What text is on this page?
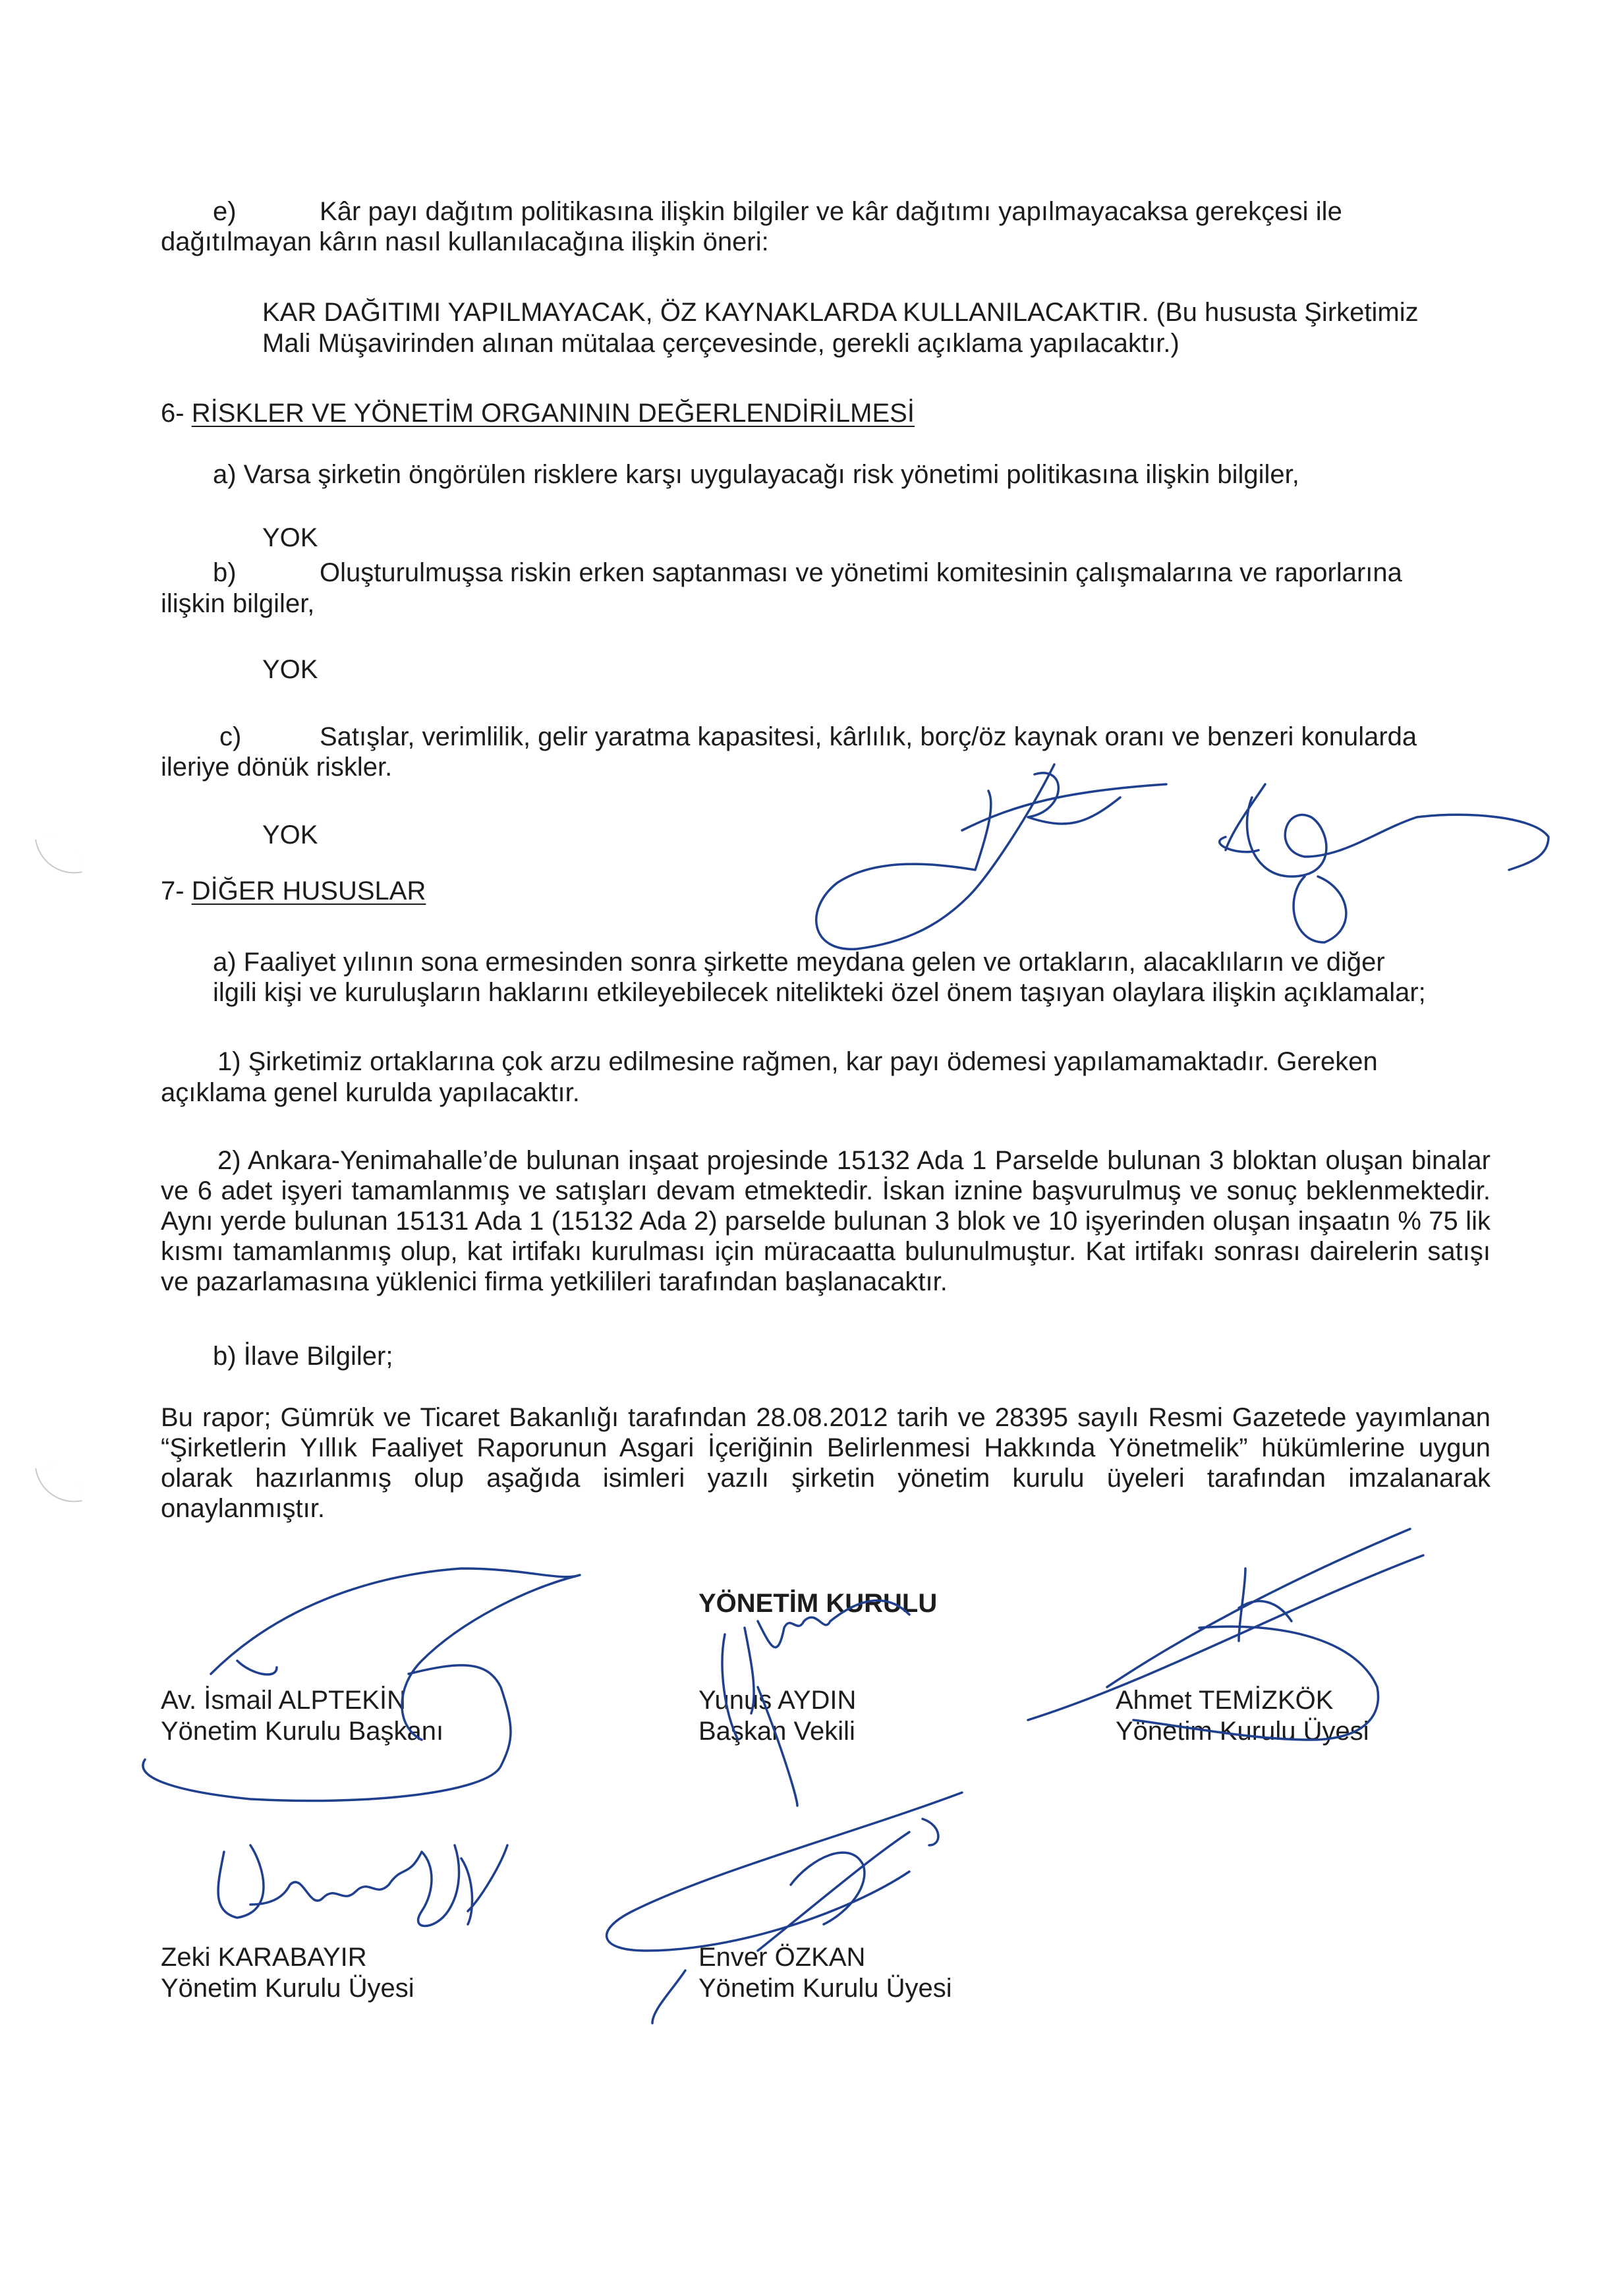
e)	Kâr payı dağıtım politikasına ilişkin bilgiler ve kâr dağıtımı yapılmayacaksa gerekçesi ile

dağıtılmayan kârın nasıl kullanılacağına ilişkin öneri:

KAR DAĞITIMI YAPILMAYACAK, ÖZ KAYNAKLARDA KULLANILACAKTIR. (Bu hususta Şirketimiz

Mali Müşavirinden alınan mütalaa çerçevesinde, gerekli açıklama yapılacaktır.)

6- RİSKLER VE YÖNETİM ORGANININ DEĞERLENDİRİLMESİ

a) Varsa şirketin öngörülen risklere karşı uygulayacağı risk yönetimi politikasına ilişkin bilgiler,

YOK

b)	Oluşturulmuşsa riskin erken saptanması ve yönetimi komitesinin çalışmalarına ve raporlarına

ilişkin bilgiler,

YOK

c)	Satışlar, verimlilik, gelir yaratma kapasitesi, kârlılık, borç/öz kaynak oranı ve benzeri konularda

ileriye dönük riskler.

YOK

7- DİĞER HUSUSLAR

a) Faaliyet yılının sona ermesinden sonra şirkette meydana gelen ve ortakların, alacaklıların ve diğer

ilgili kişi ve kuruluşların haklarını etkileyebilecek nitelikteki özel önem taşıyan olaylara ilişkin açıklamalar;

1) Şirketimiz ortaklarına çok arzu edilmesine rağmen, kar payı ödemesi yapılamamaktadır. Gereken

açıklama genel kurulda yapılacaktır.

2) Ankara-Yenimahalle’de bulunan inşaat projesinde 15132 Ada 1 Parselde bulunan 3 bloktan oluşan binalar ve 6 adet işyeri tamamlanmış ve satışları devam etmektedir. İskan iznine başvurulmuş ve sonuç beklenmektedir. Aynı yerde bulunan 15131 Ada 1 (15132 Ada 2) parselde bulunan 3 blok ve 10 işyerinden oluşan inşaatın % 75 lik kısmı tamamlanmış olup, kat irtifakı kurulması için müracaatta bulunulmuştur. Kat irtifakı sonrası dairelerin satışı ve pazarlamasına yüklenici firma yetkilileri tarafından başlanacaktır.

b) İlave Bilgiler;

Bu rapor; Gümrük ve Ticaret Bakanlığı tarafından 28.08.2012 tarih ve 28395 sayılı Resmi Gazetede yayımlanan “Şirketlerin Yıllık Faaliyet Raporunun Asgari İçeriğinin Belirlenmesi Hakkında Yönetmelik” hükümlerine uygun olarak hazırlanmış olup aşağıda isimleri yazılı şirketin yönetim kurulu üyeleri tarafından imzalanarak onaylanmıştır.

YÖNETİM KURULU

Av. İsmail ALPTEKİN

Yönetim Kurulu Başkanı

Yunus AYDIN

Başkan Vekili

Ahmet TEMİZKÖK

Yönetim Kurulu Üyesi

Zeki KARABAYIR

Yönetim Kurulu Üyesi

Enver ÖZKAN

Yönetim Kurulu Üyesi
